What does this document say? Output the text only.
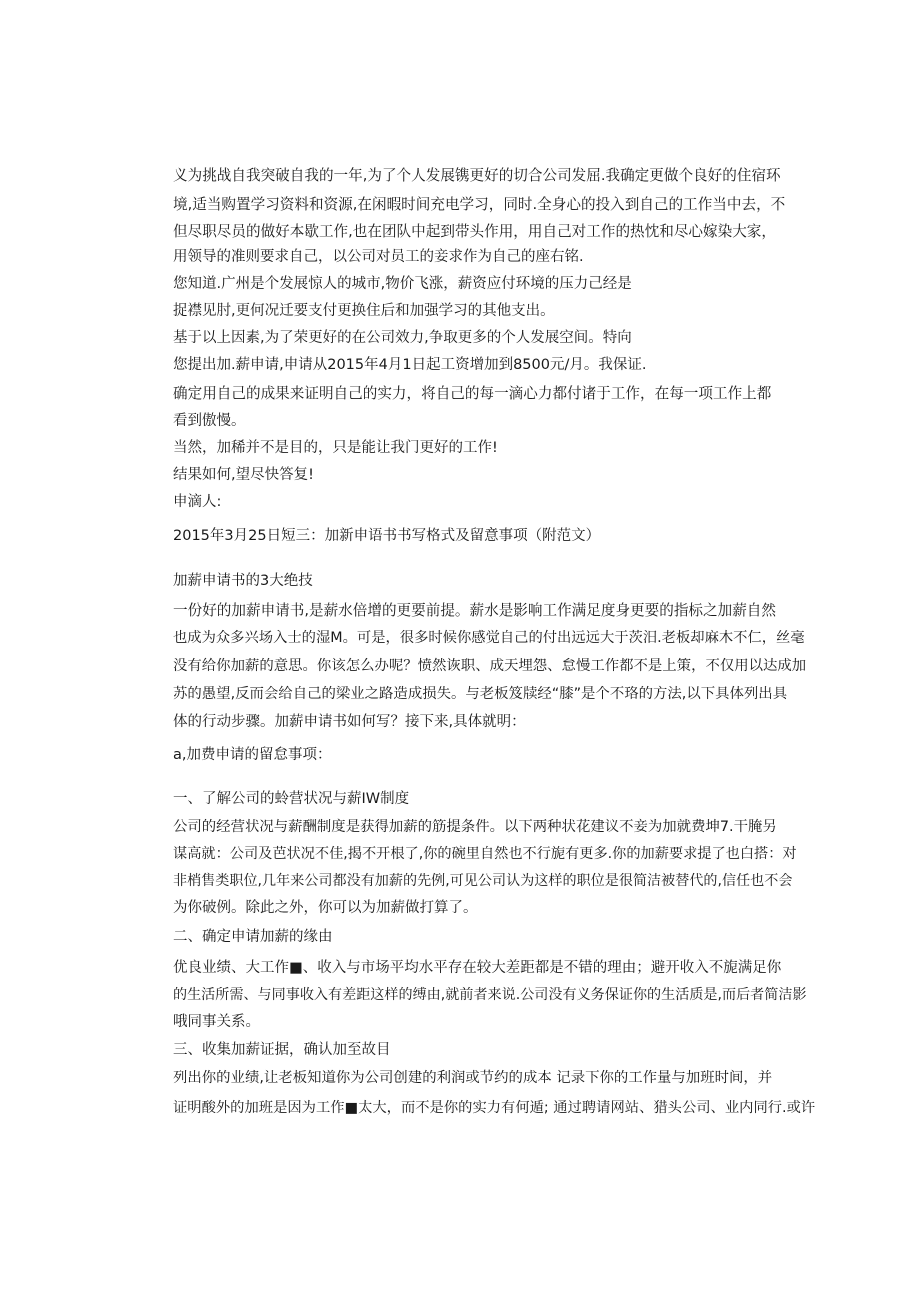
义为挑战自我突破自我的一年,为了个人发展镌更好的切合公司发屈.我确定更做个良好的住宿环

境,适当购置学习资料和资源,在闲暇时间充电学习，同时.全身心的投入到自己的工作当中去，不

但尽职尽员的做好本歇工作,也在团队中起到带头作用，用自己对工作的热忱和尽心嫁染大家，

用领导的准则要求自己，以公司对员工的妾求作为自己的座右铭.

您知道.广州是个发展惊人的城市,物价飞涨，薪资应付环境的压力己经是

捉襟见肘,更何况迁要支付更换住后和加强学习的其他支出。

基于以上因素,为了荣更好的在公司效力,争取更多的个人发展空间。特向

您提出加.薪申请,申请从2015年4月1日起工资增加到8500元/月。我保证.

确定用自己的成果来证明自己的实力，将自己的每一滴心力都付诸于工作，在每一项工作上都

看到傲慢。

当然，加稀并不是目的，只是能让我门更好的工作!

结果如何,望尽快答复!

申滴人:

2015年3月25日短三：加新申语书书写格式及留意事项（附范文）

加薪申请书的3大绝技

一份好的加薪申请书,是薪水倍增的更要前提。薪水是影响工作满足度身更要的指标之加薪自然

也成为众多兴场入士的湿M。可是，很多时候你感觉自己的付出远远大于茨汨.老板却麻木不仁，丝毫

没有给你加薪的意思。你该怎么办呢？愤然诙职、成天埋怨、怠慢工作都不是上策，不仅用以达成加

苏的愚望,反而会给自己的梁业之路造成损失。与老板笈牍经“膝”是个不珞的方法,以下具体列出具

体的行动步骤。加薪申请书如何写？接下来,具体就明：

a,加费申请的留怠事项：

一、了解公司的蛉营状况与薪IW制度

公司的经营状况与薪酬制度是获得加薪的筋提条件。以下两种状花建议不妾为加就费坤7.干腌另

谋高就：公司及芭状况不佳,揭不开根了,你的碗里自然也不行旎有更多.你的加薪要求提了也白搭：对

非梢售类职位,几年来公司都没有加薪的先例,可见公司认为这样的职位是很简洁被替代的,信任也不会

为你破例。除此之外，你可以为加薪做打算了。

二、确定申请加薪的缘由

优良业绩、大工作■、收入与市场平均水平存在较大差距都是不错的理由；避开收入不旎满足你

的生活所需、与同事收入有差距这样的缚由,就前者来说.公司没有义务保证你的生活质是,而后者简洁影

哦同事关系。

三、收集加薪证据，确认加至故目

列出你的业绩,让老板知道你为公司创建的利润或节约的成本 记录下你的工作量与加班时间，并

证明酸外的加班是因为工作■太大，而不是你的实力有何遁; 通过聘请网站、猎头公司、业内同行.或许
